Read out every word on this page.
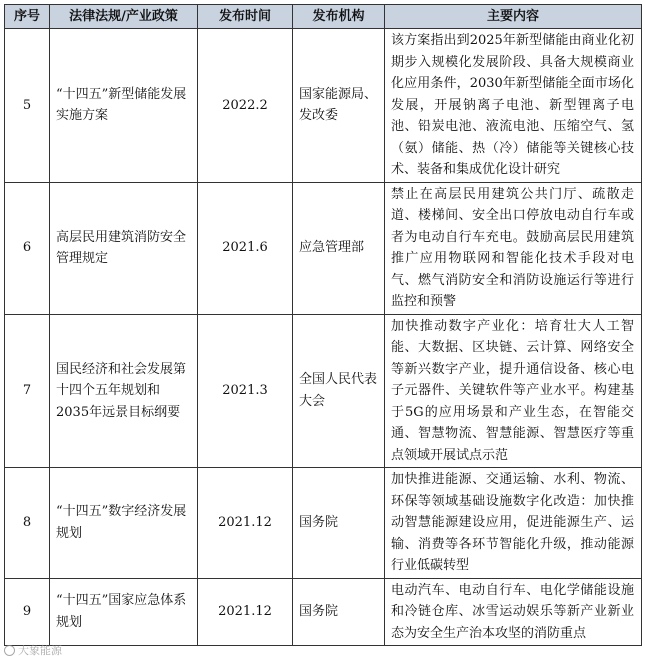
序号	法律法规/产业政策	发布时间	发布机构	主要内容
5	“十四五”新型储能发展实施方案	2022.2	国家能源局、发改委	该方案指出到2025年新型储能由商业化初期步入规模化发展阶段、具备大规模商业化应用条件，2030年新型储能全面市场化发展，开展钠离子电池、新型锂离子电池、铅炭电池、液流电池、压缩空气、氢（氨）储能、热（冷）储能等关键核心技术、装备和集成优化设计研究
6	高层民用建筑消防安全管理规定	2021.6	应急管理部	禁止在高层民用建筑公共门厅、疏散走道、楼梯间、安全出口停放电动自行车或者为电动自行车充电。鼓励高层民用建筑推广应用物联网和智能化技术手段对电气、燃气消防安全和消防设施运行等进行监控和预警
7	国民经济和社会发展第十四个五年规划和2035年远景目标纲要	2021.3	全国人民代表大会	加快推动数字产业化：培育壮大人工智能、大数据、区块链、云计算、网络安全等新兴数字产业，提升通信设备、核心电子元器件、关键软件等产业水平。构建基于5G的应用场景和产业生态，在智能交通、智慧物流、智慧能源、智慧医疗等重点领域开展试点示范
8	“十四五”数字经济发展规划	2021.12	国务院	加快推进能源、交通运输、水利、物流、环保等领域基础设施数字化改造：加快推动智慧能源建设应用，促进能源生产、运输、消费等各环节智能化升级，推动能源行业低碳转型
9	“十四五”国家应急体系规划	2021.12	国务院	电动汽车、电动自行车、电化学储能设施和冷链仓库、冰雪运动娱乐等新产业新业态为安全生产治本攻坚的消防重点
大象能源
